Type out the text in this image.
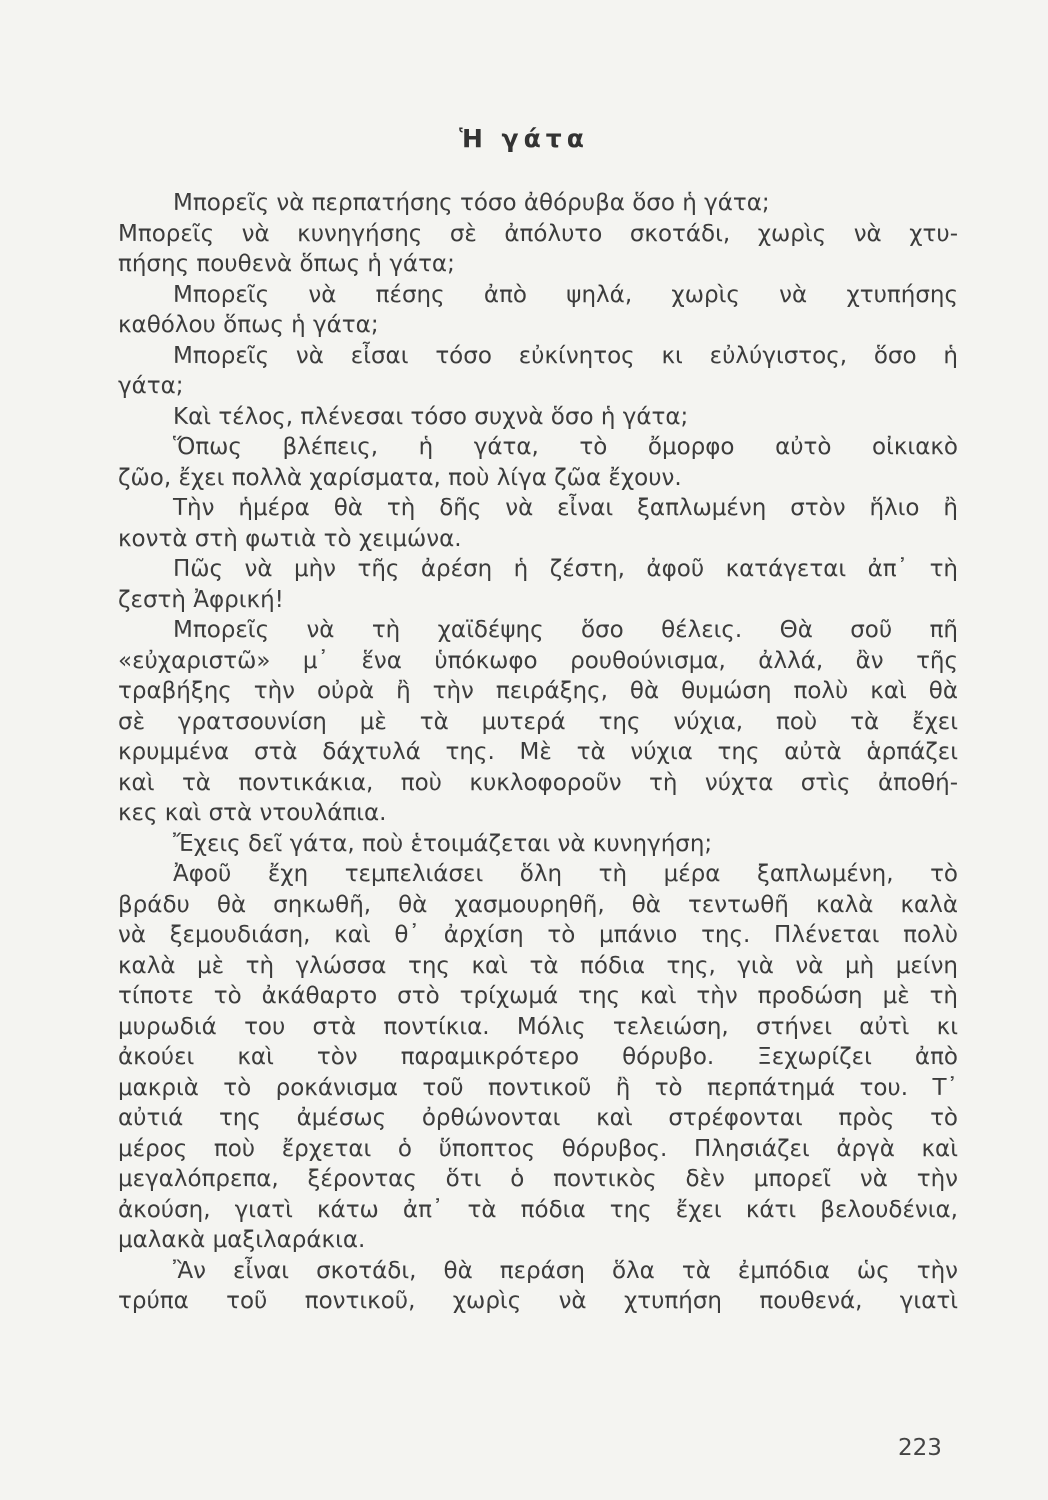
Ἡ γάτα
Μπορεῖς νὰ περπατήσης τόσο ἀθόρυβα ὅσο ἡ γάτα;
Μπορεῖς νὰ κυνηγήσης σὲ ἀπόλυτο σκοτάδι, χωρὶς νὰ χτυ-
πήσης πουθενὰ ὅπως ἡ γάτα;
Μπορεῖς νὰ πέσης ἀπὸ ψηλά, χωρὶς νὰ χτυπήσης
καθόλου ὅπως ἡ γάτα;
Μπορεῖς νὰ εἶσαι τόσο εὐκίνητος κι εὐλύγιστος, ὅσο ἡ
γάτα;
Καὶ τέλος, πλένεσαι τόσο συχνὰ ὅσο ἡ γάτα;
Ὅπως βλέπεις, ἡ γάτα, τὸ ὄμορφο αὐτὸ οἰκιακὸ
ζῶο, ἔχει πολλὰ χαρίσματα, ποὺ λίγα ζῶα ἔχουν.
Τὴν ἡμέρα θὰ τὴ δῆς νὰ εἶναι ξαπλωμένη στὸν ἥλιο ἢ
κοντὰ στὴ φωτιὰ τὸ χειμώνα.
Πῶς νὰ μὴν τῆς ἀρέση ἡ ζέστη, ἀφοῦ κατάγεται ἀπ᾽ τὴ
ζεστὴ Ἀφρική!
Μπορεῖς νὰ τὴ χαϊδέψης ὅσο θέλεις. Θὰ σοῦ πῆ
«εὐχαριστῶ» μ᾽ ἕνα ὑπόκωφο ρουθούνισμα, ἀλλά, ἂν τῆς
τραβήξης τὴν οὐρὰ ἢ τὴν πειράξης, θὰ θυμώση πολὺ καὶ θὰ
σὲ γρατσουνίση μὲ τὰ μυτερά της νύχια, ποὺ τὰ ἔχει
κρυμμένα στὰ δάχτυλά της. Μὲ τὰ νύχια της αὐτὰ ἁρπάζει
καὶ τὰ ποντικάκια, ποὺ κυκλοφοροῦν τὴ νύχτα στὶς ἀποθή-
κες καὶ στὰ ντουλάπια.
Ἔχεις δεῖ γάτα, ποὺ ἑτοιμάζεται νὰ κυνηγήση;
Ἀφοῦ ἔχη τεμπελιάσει ὅλη τὴ μέρα ξαπλωμένη, τὸ
βράδυ θὰ σηκωθῆ, θὰ χασμουρηθῆ, θὰ τεντωθῆ καλὰ καλὰ
νὰ ξεμουδιάση, καὶ θ᾽ ἀρχίση τὸ μπάνιο της. Πλένεται πολὺ
καλὰ μὲ τὴ γλώσσα της καὶ τὰ πόδια της, γιὰ νὰ μὴ μείνη
τίποτε τὸ ἀκάθαρτο στὸ τρίχωμά της καὶ τὴν προδώση μὲ τὴ
μυρωδιά του στὰ ποντίκια. Μόλις τελειώση, στήνει αὐτὶ κι
ἀκούει καὶ τὸν παραμικρότερο θόρυβο. Ξεχωρίζει ἀπὸ
μακριὰ τὸ ροκάνισμα τοῦ ποντικοῦ ἢ τὸ περπάτημά του. Τ᾽
αὐτιά της ἀμέσως ὀρθώνονται καὶ στρέφονται πρὸς τὸ
μέρος ποὺ ἔρχεται ὁ ὕποπτος θόρυβος. Πλησιάζει ἀργὰ καὶ
μεγαλόπρεπα, ξέροντας ὅτι ὁ ποντικὸς δὲν μπορεῖ νὰ τὴν
ἀκούση, γιατὶ κάτω ἀπ᾽ τὰ πόδια της ἔχει κάτι βελουδένια,
μαλακὰ μαξιλαράκια.
Ἂν εἶναι σκοτάδι, θὰ περάση ὅλα τὰ ἐμπόδια ὡς τὴν
τρύπα τοῦ ποντικοῦ, χωρὶς νὰ χτυπήση πουθενά, γιατὶ
223
